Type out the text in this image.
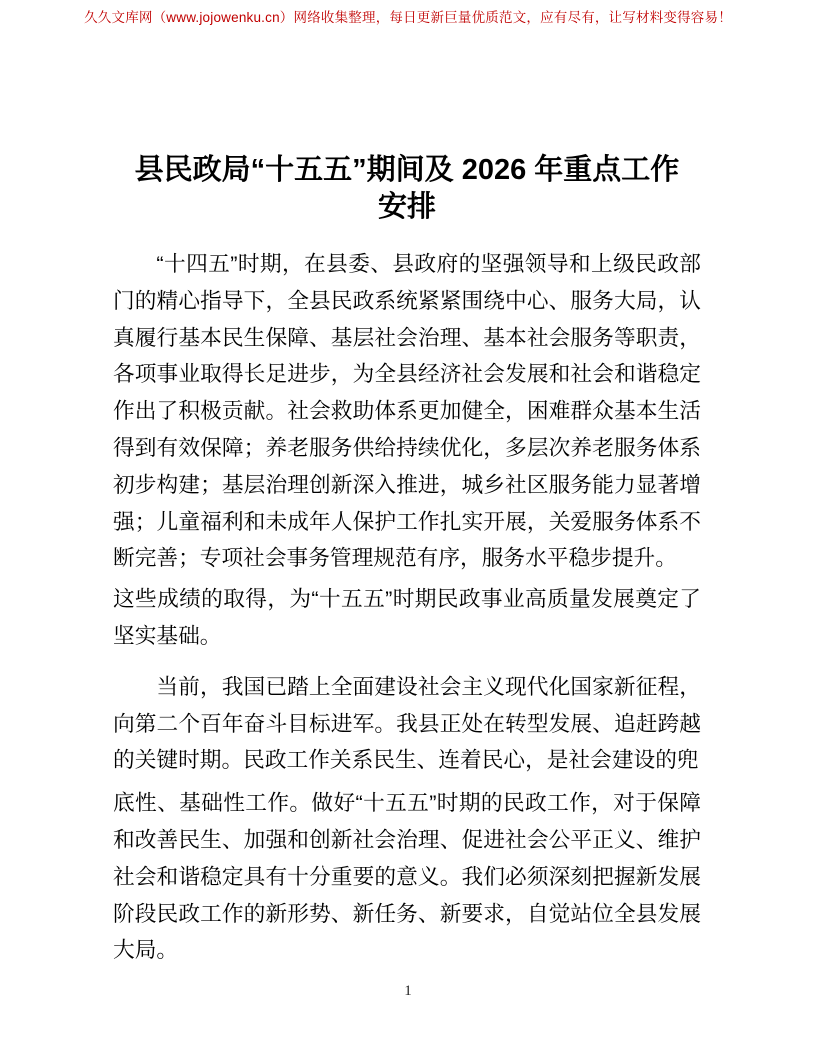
久久文库网（www.jojowenku.cn）网络收集整理，每日更新巨量优质范文，应有尽有，让写材料变得容易！
县民政局“十五五”期间及 2026 年重点工作
安排

“十四五”时期，在县委、县政府的坚强领导和上级民政部门的精心指导下，全县民政系统紧紧围绕中心、服务大局，认真履行基本民生保障、基层社会治理、基本社会服务等职责，各项事业取得长足进步，为全县经济社会发展和社会和谐稳定作出了积极贡献。社会救助体系更加健全，困难群众基本生活得到有效保障；养老服务供给持续优化，多层次养老服务体系初步构建；基层治理创新深入推进，城乡社区服务能力显著增强；儿童福利和未成年人保护工作扎实开展，关爱服务体系不断完善；专项社会事务管理规范有序，服务水平稳步提升。

这些成绩的取得，为“十五五”时期民政事业高质量发展奠定了坚实基础。

当前，我国已踏上全面建设社会主义现代化国家新征程，向第二个百年奋斗目标进军。我县正处在转型发展、追赶跨越的关键时期。民政工作关系民生、连着民心，是社会建设的兜

底性、基础性工作。做好“十五五”时期的民政工作，对于保障和改善民生、加强和创新社会治理、促进社会公平正义、维护社会和谐稳定具有十分重要的意义。我们必须深刻把握新发展阶段民政工作的新形势、新任务、新要求，自觉站位全县发展大局。

1
